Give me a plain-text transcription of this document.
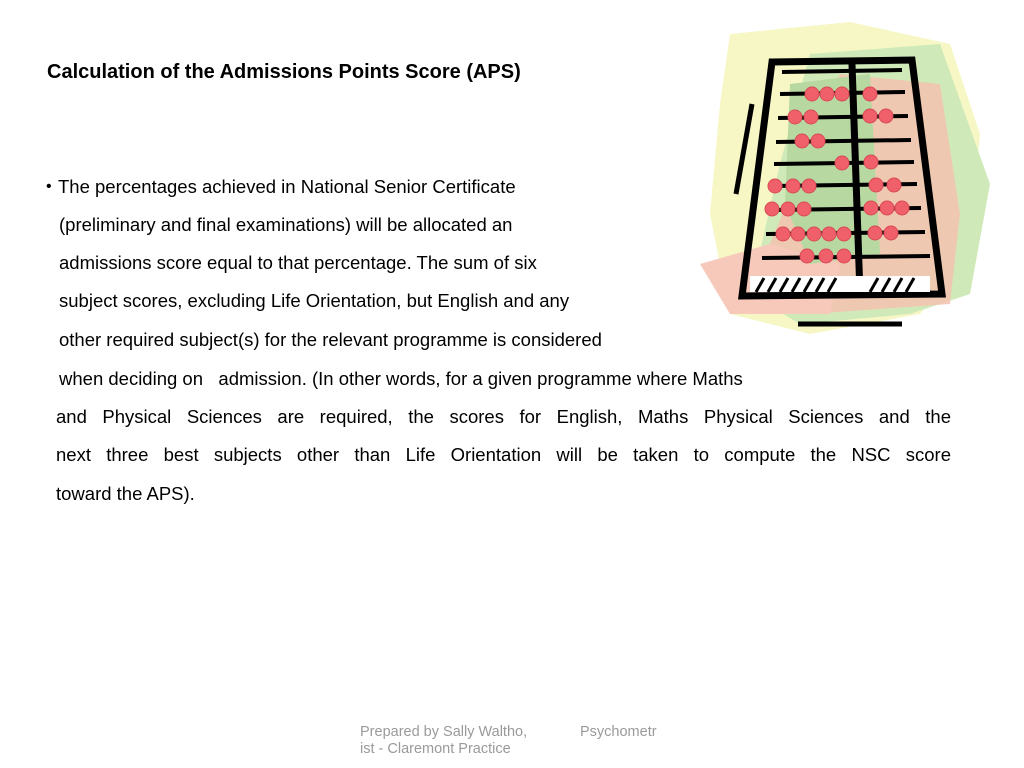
Calculation of the Admissions Points Score (APS)
• The percentages achieved in National Senior Certificate
(preliminary and final examinations) will be allocated an
admissions score equal to that percentage. The sum of six
subject scores, excluding Life Orientation, but English and any
other required subject(s) for the relevant programme is considered
when deciding on   admission. (In other words, for a given programme where Maths
and Physical Sciences are required, the scores for English, Maths Physical Sciences and the
next three best subjects other than Life Orientation will be taken to compute the NSC score
toward the APS).
Prepared by Sally Waltho,	Psychometr
ist - Claremont Practice
